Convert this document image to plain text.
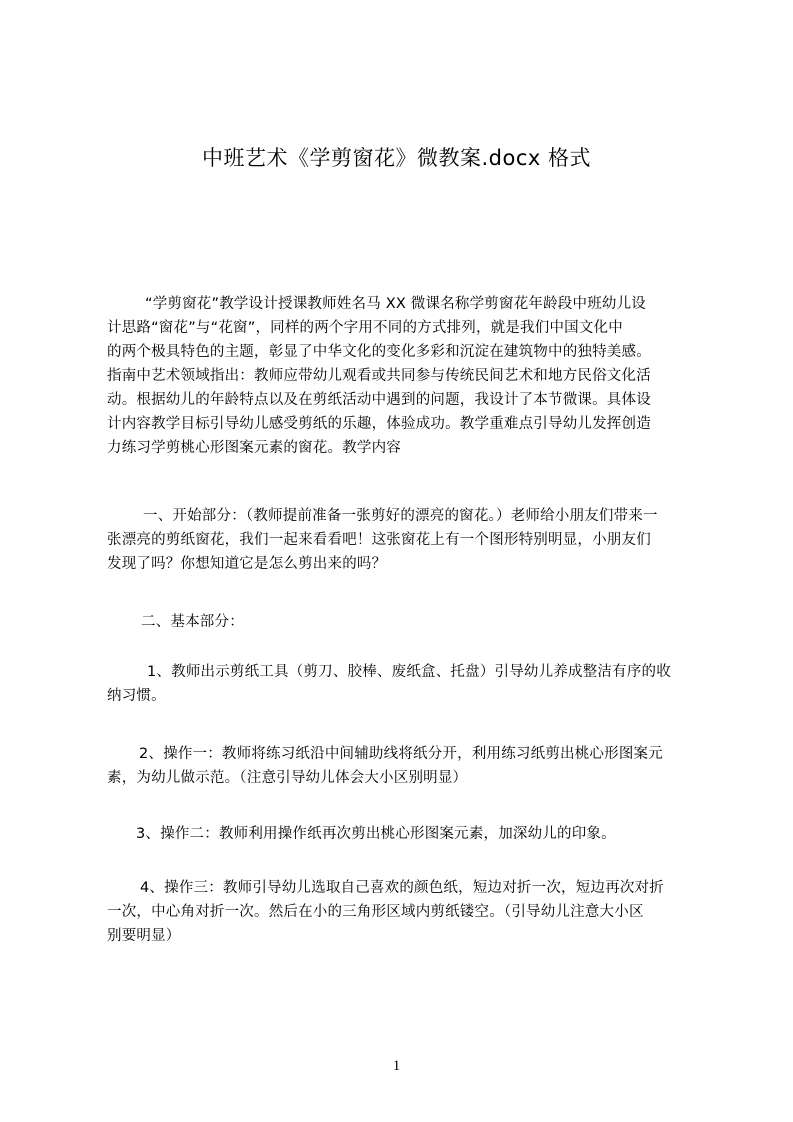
中班艺术《学剪窗花》微教案.docx 格式
“学剪窗花”教学设计授课教师姓名马 XX 微课名称学剪窗花年龄段中班幼儿设
计思路“窗花”与“花窗”，同样的两个字用不同的方式排列，就是我们中国文化中
的两个极具特色的主题，彰显了中华文化的变化多彩和沉淀在建筑物中的独特美感。
指南中艺术领域指出：教师应带幼儿观看或共同参与传统民间艺术和地方民俗文化活
动。根据幼儿的年龄特点以及在剪纸活动中遇到的问题，我设计了本节微课。具体设
计内容教学目标引导幼儿感受剪纸的乐趣，体验成功。教学重难点引导幼儿发挥创造
力练习学剪桃心形图案元素的窗花。教学内容
一、开始部分：（教师提前准备一张剪好的漂亮的窗花。）老师给小朋友们带来一
张漂亮的剪纸窗花，我们一起来看看吧！这张窗花上有一个图形特别明显，小朋友们
发现了吗？你想知道它是怎么剪出来的吗？
二、基本部分：
1、教师出示剪纸工具（剪刀、胶棒、废纸盒、托盘）引导幼儿养成整洁有序的收
纳习惯。
2、操作一：教师将练习纸沿中间辅助线将纸分开，利用练习纸剪出桃心形图案元
素，为幼儿做示范。（注意引导幼儿体会大小区别明显）
3、操作二：教师利用操作纸再次剪出桃心形图案元素，加深幼儿的印象。
4、操作三：教师引导幼儿选取自己喜欢的颜色纸，短边对折一次，短边再次对折
一次，中心角对折一次。然后在小的三角形区域内剪纸镂空。（引导幼儿注意大小区
别要明显）
1
